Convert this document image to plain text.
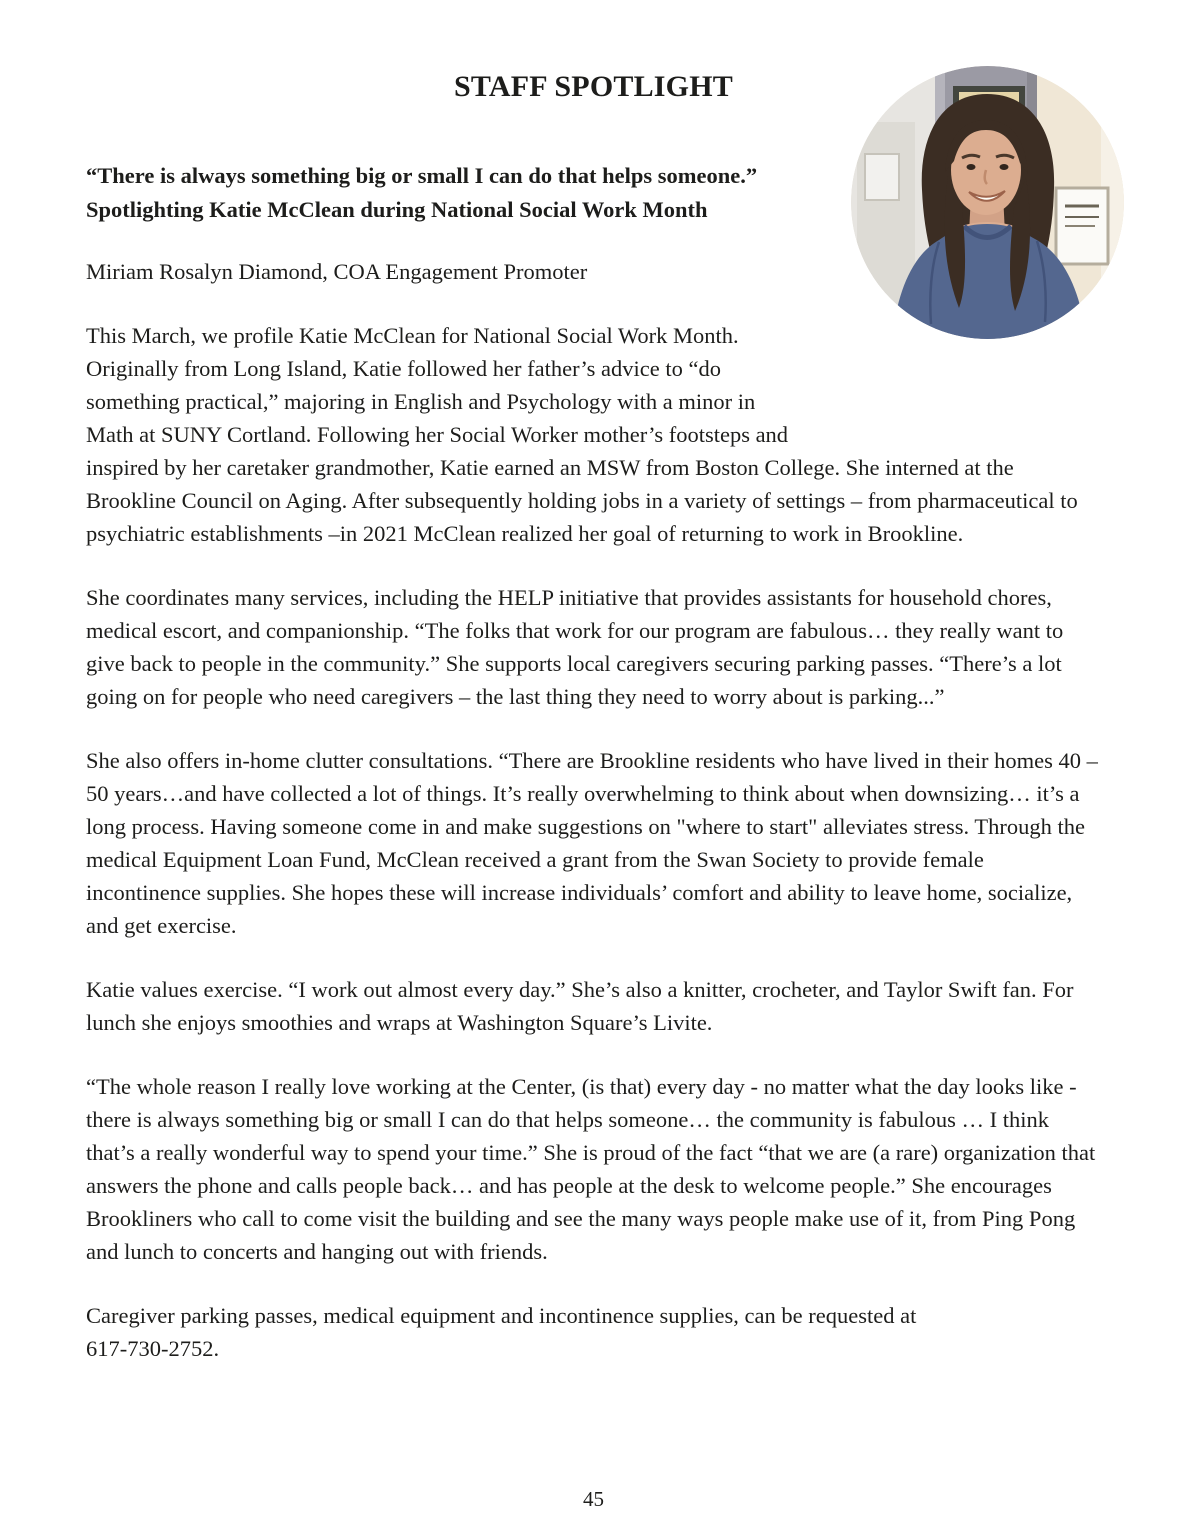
STAFF SPOTLIGHT
“There is always something big or small I can do that helps someone.”
Spotlighting Katie McClean during National Social Work Month

Miriam Rosalyn Diamond, COA Engagement Promoter

This March, we profile Katie McClean for National Social Work Month. Originally from Long Island, Katie followed her father’s advice to “do something practical,” majoring in English and Psychology with a minor in Math at SUNY Cortland. Following her Social Worker mother’s footsteps and inspired by her caretaker grandmother, Katie earned an MSW from Boston College. She interned at the Brookline Council on Aging. After subsequently holding jobs in a variety of settings – from pharmaceutical to psychiatric establishments –in 2021 McClean realized her goal of returning to work in Brookline.

She coordinates many services, including the HELP initiative that provides assistants for household chores, medical escort, and companionship. “The folks that work for our program are fabulous… they really want to give back to people in the community.” She supports local caregivers securing parking passes. “There’s a lot going on for people who need caregivers – the last thing they need to worry about is parking...”

She also offers in-home clutter consultations. “There are Brookline residents who have lived in their homes 40 – 50 years…and have collected a lot of things. It’s really overwhelming to think about when downsizing… it’s a long process. Having someone come in and make suggestions on "where to start" alleviates stress. Through the medical Equipment Loan Fund, McClean received a grant from the Swan Society to provide female incontinence supplies. She hopes these will increase individuals’ comfort and ability to leave home, socialize, and get exercise.

Katie values exercise. “I work out almost every day.” She’s also a knitter, crocheter, and Taylor Swift fan. For lunch she enjoys smoothies and wraps at Washington Square’s Livite.

“The whole reason I really love working at the Center, (is that) every day - no matter what the day looks like - there is always something big or small I can do that helps someone… the community is fabulous … I think that’s a really wonderful way to spend your time.” She is proud of the fact “that we are (a rare) organization that answers the phone and calls people back… and has people at the desk to welcome people.” She encourages Brookliners who call to come visit the building and see the many ways people make use of it, from Ping Pong and lunch to concerts and hanging out with friends.

Caregiver parking passes, medical equipment and incontinence supplies, can be requested at
617-730-2752.

45
